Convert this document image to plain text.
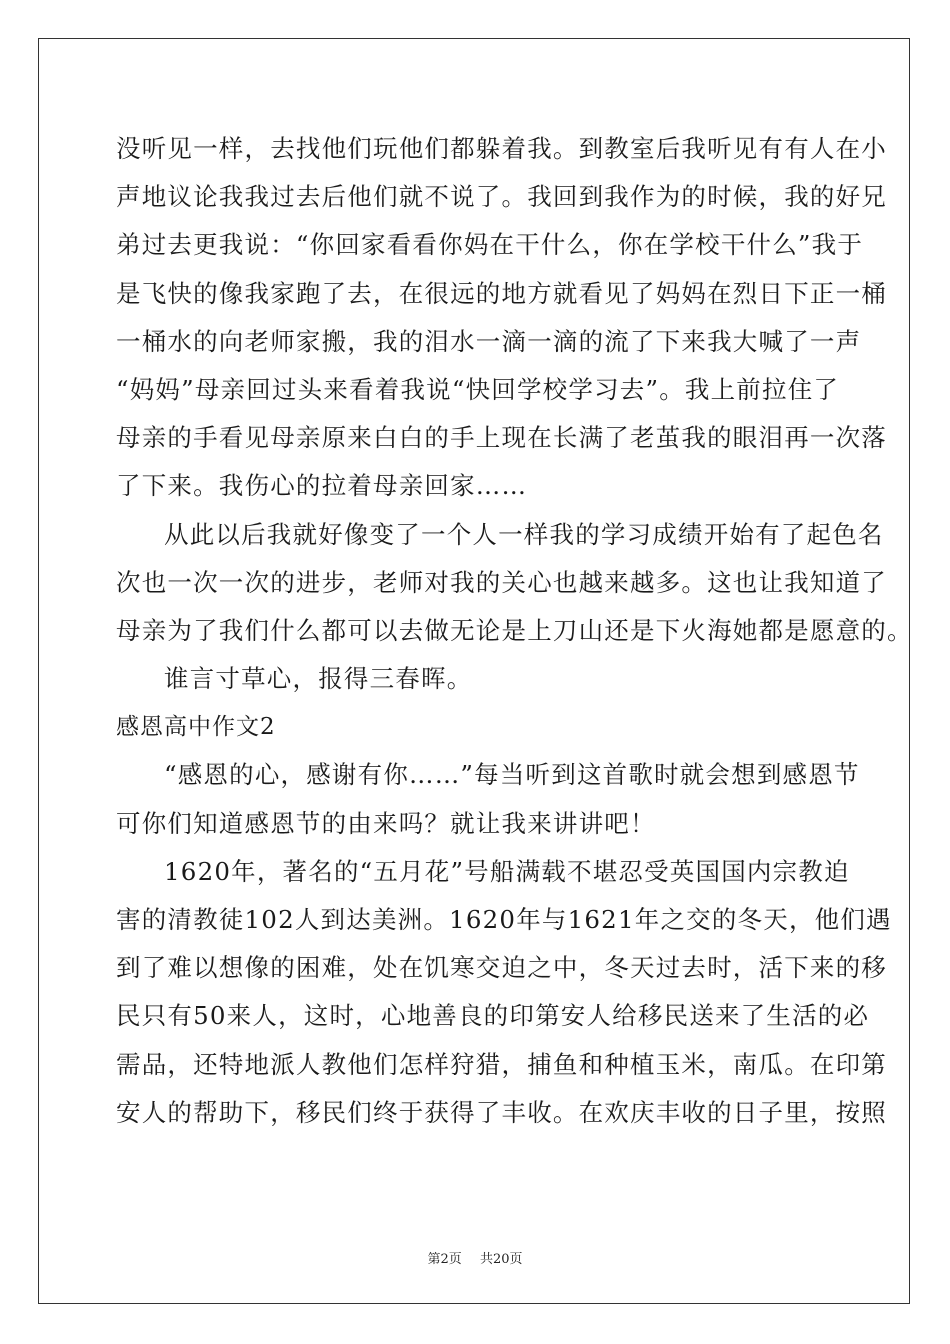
没听见一样，去找他们玩他们都躲着我。到教室后我听见有有人在小
声地议论我我过去后他们就不说了。我回到我作为的时候，我的好兄
弟过去更我说：“你回家看看你妈在干什么，你在学校干什么”我于
是飞快的像我家跑了去，在很远的地方就看见了妈妈在烈日下正一桶
一桶水的向老师家搬，我的泪水一滴一滴的流了下来我大喊了一声
“妈妈”母亲回过头来看着我说“快回学校学习去”。我上前拉住了
母亲的手看见母亲原来白白的手上现在长满了老茧我的眼泪再一次落
了下来。我伤心的拉着母亲回家……
从此以后我就好像变了一个人一样我的学习成绩开始有了起色名
次也一次一次的进步，老师对我的关心也越来越多。这也让我知道了
母亲为了我们什么都可以去做无论是上刀山还是下火海她都是愿意的。
谁言寸草心，报得三春晖。
感恩高中作文2
“感恩的心，感谢有你……”每当听到这首歌时就会想到感恩节
可你们知道感恩节的由来吗？就让我来讲讲吧！
1620年，著名的“五月花”号船满载不堪忍受英国国内宗教迫
害的清教徒102人到达美洲。1620年与1621年之交的冬天，他们遇
到了难以想像的困难，处在饥寒交迫之中，冬天过去时，活下来的移
民只有50来人，这时，心地善良的印第安人给移民送来了生活的必
需品，还特地派人教他们怎样狩猎，捕鱼和种植玉米，南瓜。在印第
安人的帮助下，移民们终于获得了丰收。在欢庆丰收的日子里，按照
第2页 共20页
